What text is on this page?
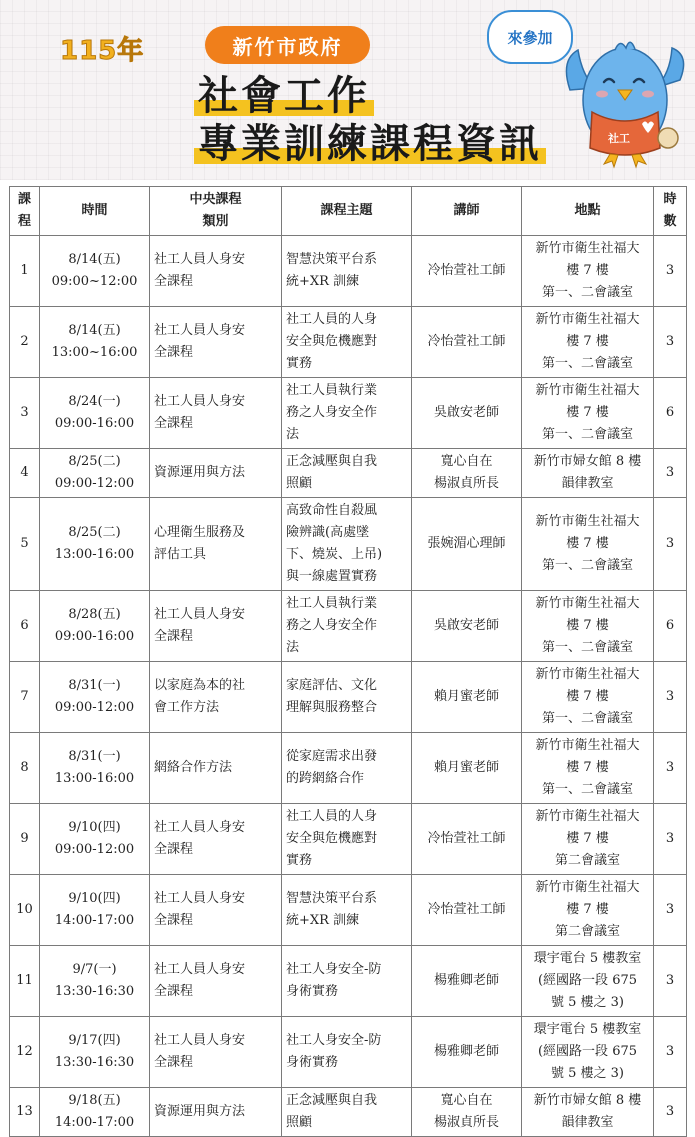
115年	新竹市政府
社會工作
專業訓練課程資訊
來參加
社工
課
程	時間	中央課程
類別	課程主題	講師	地點	時
數

1	8/14(五)
09:00~12:00	社工人員人身安
全課程	智慧決策平台系
統+XR 訓練	冷怡萱社工師	新竹市衛生社福大
樓 7 樓
第一、二會議室	3
2	8/14(五)
13:00~16:00	社工人員人身安
全課程	社工人員的人身
安全與危機應對
實務	冷怡萱社工師	新竹市衛生社福大
樓 7 樓
第一、二會議室	3
3	8/24(一)
09:00-16:00	社工人員人身安
全課程	社工人員執行業
務之人身安全作
法	吳啟安老師	新竹市衛生社福大
樓 7 樓
第一、二會議室	6
4	8/25(二)
09:00-12:00	資源運用與方法	正念減壓與自我
照顧	寬心自在
楊淑貞所長	新竹市婦女館 8 樓
韻律教室	3
5	8/25(二)
13:00-16:00	心理衛生服務及
評估工具	高致命性自殺風
險辨識(高處墜
下、燒炭、上吊)
與一線處置實務	張婉湄心理師	新竹市衛生社福大
樓 7 樓
第一、二會議室	3
6	8/28(五)
09:00-16:00	社工人員人身安
全課程	社工人員執行業
務之人身安全作
法	吳啟安老師	新竹市衛生社福大
樓 7 樓
第一、二會議室	6
7	8/31(一)
09:00-12:00	以家庭為本的社
會工作方法	家庭評估、文化
理解與服務整合	賴月蜜老師	新竹市衛生社福大
樓 7 樓
第一、二會議室	3
8	8/31(一)
13:00-16:00	網絡合作方法	從家庭需求出發
的跨網絡合作	賴月蜜老師	新竹市衛生社福大
樓 7 樓
第一、二會議室	3
9	9/10(四)
09:00-12:00	社工人員人身安
全課程	社工人員的人身
安全與危機應對
實務	冷怡萱社工師	新竹市衛生社福大
樓 7 樓
第二會議室	3
10	9/10(四)
14:00-17:00	社工人員人身安
全課程	智慧決策平台系
統+XR 訓練	冷怡萱社工師	新竹市衛生社福大
樓 7 樓
第二會議室	3
11	9/7(一)
13:30-16:30	社工人員人身安
全課程	社工人身安全-防
身術實務	楊雅卿老師	環宇電台 5 樓教室
(經國路一段 675
號 5 樓之 3)	3
12	9/17(四)
13:30-16:30	社工人員人身安
全課程	社工人身安全-防
身術實務	楊雅卿老師	環宇電台 5 樓教室
(經國路一段 675
號 5 樓之 3)	3
13	9/18(五)
14:00-17:00	資源運用與方法	正念減壓與自我
照顧	寬心自在
楊淑貞所長	新竹市婦女館 8 樓
韻律教室	3
